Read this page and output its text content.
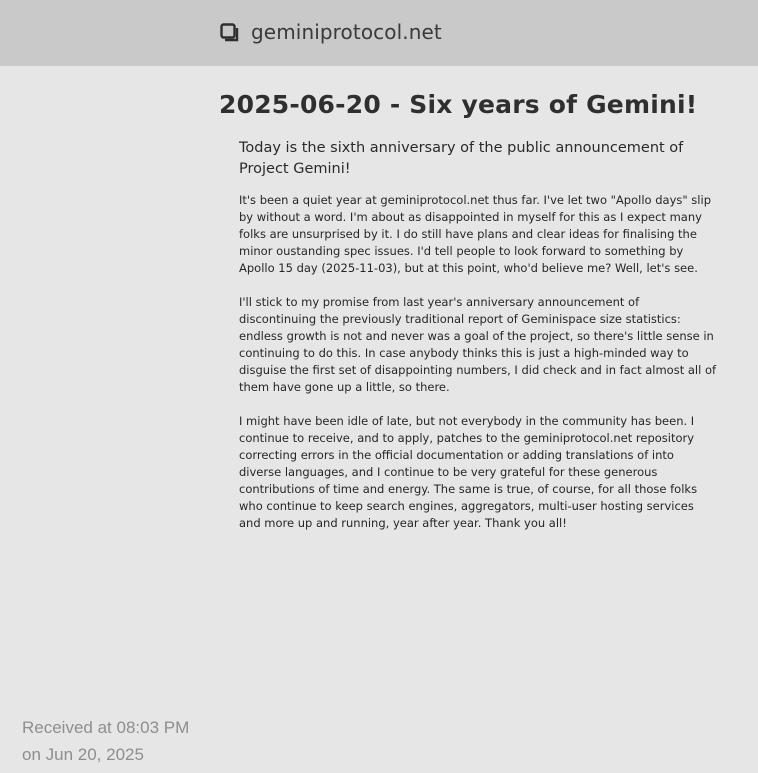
geminiprotocol.net
2025-06-20 - Six years of Gemini!

Today is the sixth anniversary of the public announcement of Project Gemini!

It's been a quiet year at geminiprotocol.net thus far. I've let two "Apollo days" slip by without a word. I'm about as disappointed in myself for this as I expect many folks are unsurprised by it. I do still have plans and clear ideas for finalising the minor oustanding spec issues. I'd tell people to look forward to something by Apollo 15 day (2025-11-03), but at this point, who'd believe me? Well, let's see.

I'll stick to my promise from last year's anniversary announcement of discontinuing the previously traditional report of Geminispace size statistics: endless growth is not and never was a goal of the project, so there's little sense in continuing to do this. In case anybody thinks this is just a high-minded way to disguise the first set of disappointing numbers, I did check and in fact almost all of them have gone up a little, so there.

I might have been idle of late, but not everybody in the community has been. I continue to receive, and to apply, patches to the geminiprotocol.net repository correcting errors in the official documentation or adding translations of into diverse languages, and I continue to be very grateful for these generous contributions of time and energy. The same is true, of course, for all those folks who continue to keep search engines, aggregators, multi-user hosting services and more up and running, year after year. Thank you all!

Received at 08:03 PM
on Jun 20, 2025
